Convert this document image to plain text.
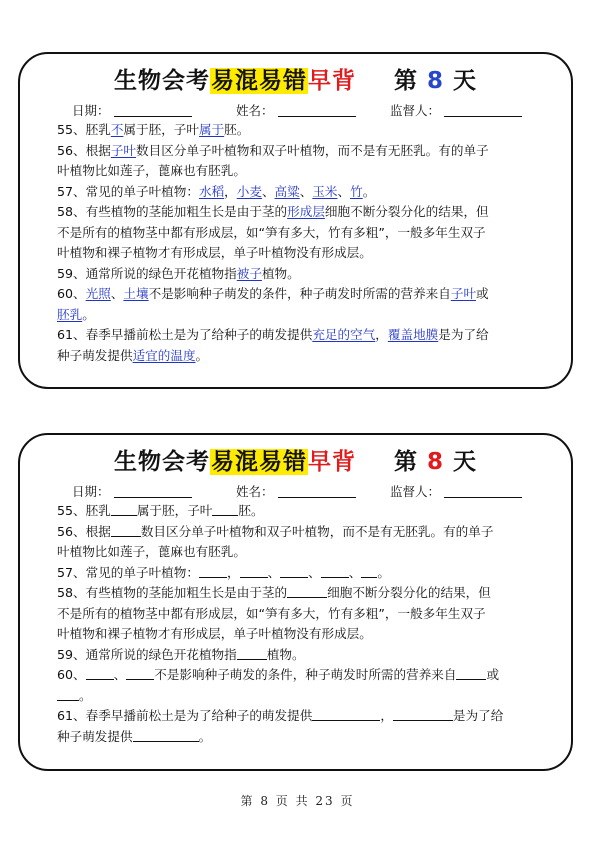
生物会考易混易错早背 第 8 天
日期：	姓名：	监督人：
55、胚乳不属于胚，子叶属于胚。
56、根据子叶数目区分单子叶植物和双子叶植物，而不是有无胚乳。有的单子
叶植物比如莲子，蓖麻也有胚乳。
57、常见的单子叶植物：水稻，小麦、高粱、玉米、竹。
58、有些植物的茎能加粗生长是由于茎的形成层细胞不断分裂分化的结果，但
不是所有的植物茎中都有形成层，如“笋有多大，竹有多粗”，一般多年生双子
叶植物和裸子植物才有形成层，单子叶植物没有形成层。
59、通常所说的绿色开花植物指被子植物。
60、光照、土壤不是影响种子萌发的条件，种子萌发时所需的营养来自子叶或
胚乳。
61、春季早播前松土是为了给种子的萌发提供充足的空气，覆盖地膜是为了给
种子萌发提供适宜的温度。
生物会考易混易错早背 第 8 天
日期：	姓名：	监督人：
55、胚乳 属于胚，子叶 胚。
56、根据 数目区分单子叶植物和双子叶植物，而不是有无胚乳。有的单子
叶植物比如莲子，蓖麻也有胚乳。
57、常见的单子叶植物： ， 、 、 、 。
58、有些植物的茎能加粗生长是由于茎的	细胞不断分裂分化的结果，但
不是所有的植物茎中都有形成层，如“笋有多大，竹有多粗”，一般多年生双子
叶植物和裸子植物才有形成层，单子叶植物没有形成层。
59、通常所说的绿色开花植物指 植物。
60、 、 不是影响种子萌发的条件，种子萌发时所需的营养来自 或
。
61、春季早播前松土是为了给种子的萌发提供	，	是为了给
种子萌发提供	。
第 8 页 共 23 页
